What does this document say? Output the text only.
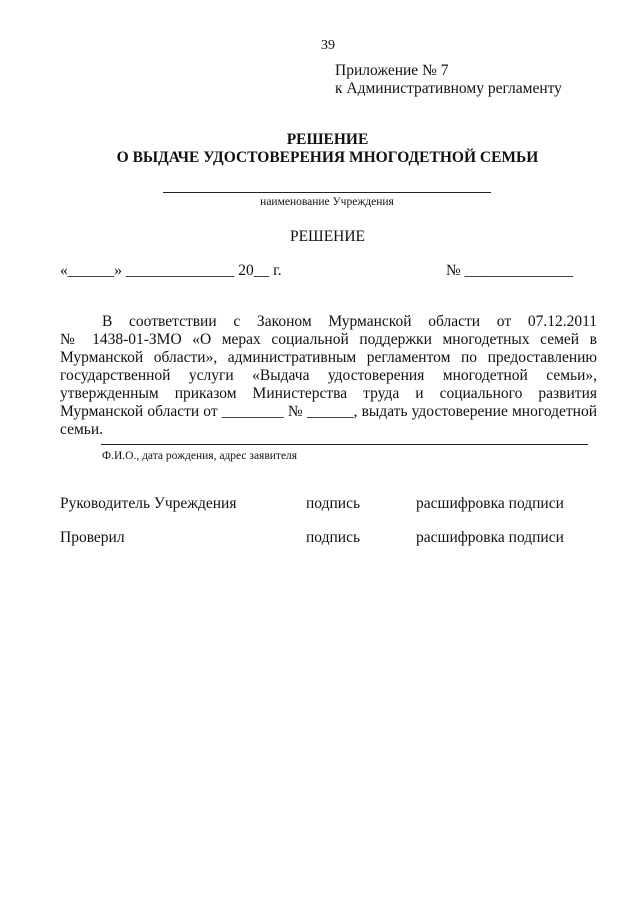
39
Приложение № 7
к Административному регламенту
РЕШЕНИЕ
О ВЫДАЧЕ УДОСТОВЕРЕНИЯ МНОГОДЕТНОЙ СЕМЬИ
наименование Учреждения
РЕШЕНИЕ
«______» ______________ 20__ г.	№ ______________
В соответствии с Законом Мурманской области от 07.12.2011
№ 1438-01-ЗМО «О мерах социальной поддержки многодетных семей в
Мурманской области», административным регламентом по предоставлению
государственной услуги «Выдача удостоверения многодетной семьи»,
утвержденным приказом Министерства труда и социального развития
Мурманской области от ________ № ______, выдать удостоверение многодетной
семьи.
Ф.И.О., дата рождения, адрес заявителя
Руководитель Учреждения	подпись	расшифровка подписи
Проверил	подпись	расшифровка подписи
